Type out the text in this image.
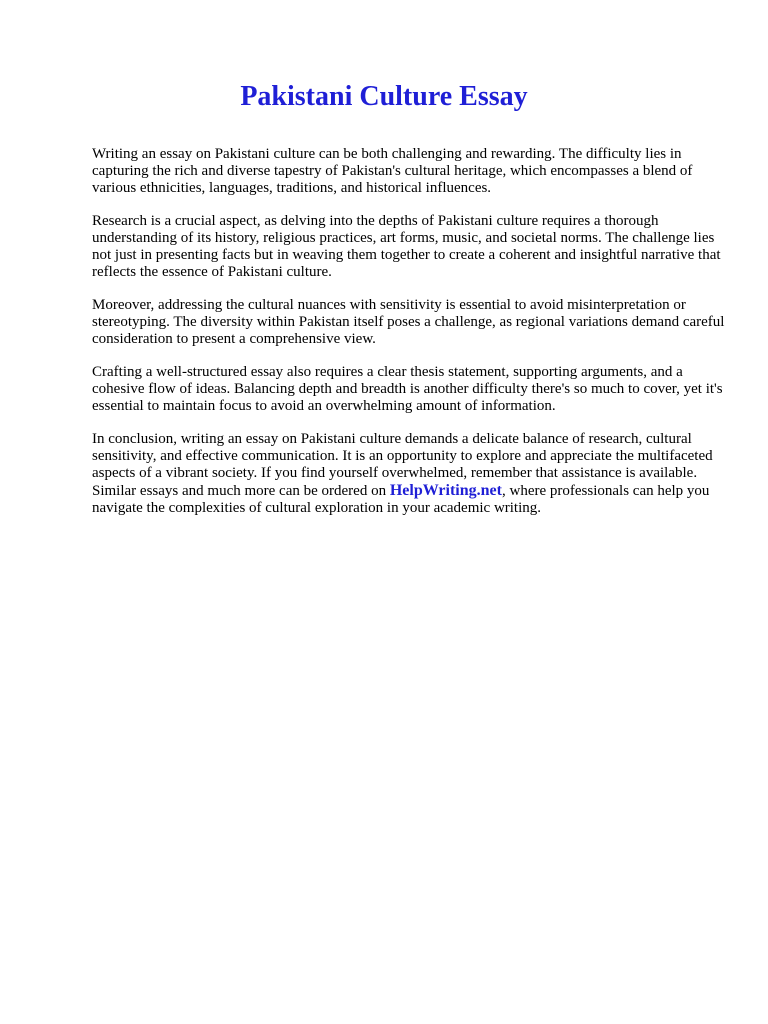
Pakistani Culture Essay

Writing an essay on Pakistani culture can be both challenging and rewarding. The difficulty lies in capturing the rich and diverse tapestry of Pakistan's cultural heritage, which encompasses a blend of various ethnicities, languages, traditions, and historical influences.

Research is a crucial aspect, as delving into the depths of Pakistani culture requires a thorough understanding of its history, religious practices, art forms, music, and societal norms. The challenge lies not just in presenting facts but in weaving them together to create a coherent and insightful narrative that reflects the essence of Pakistani culture.

Moreover, addressing the cultural nuances with sensitivity is essential to avoid misinterpretation or stereotyping. The diversity within Pakistan itself poses a challenge, as regional variations demand careful consideration to present a comprehensive view.

Crafting a well-structured essay also requires a clear thesis statement, supporting arguments, and a cohesive flow of ideas. Balancing depth and breadth is another difficulty there's so much to cover, yet it's essential to maintain focus to avoid an overwhelming amount of information.

In conclusion, writing an essay on Pakistani culture demands a delicate balance of research, cultural sensitivity, and effective communication. It is an opportunity to explore and appreciate the multifaceted aspects of a vibrant society. If you find yourself overwhelmed, remember that assistance is available. Similar essays and much more can be ordered on HelpWriting.net, where professionals can help you navigate the complexities of cultural exploration in your academic writing.
